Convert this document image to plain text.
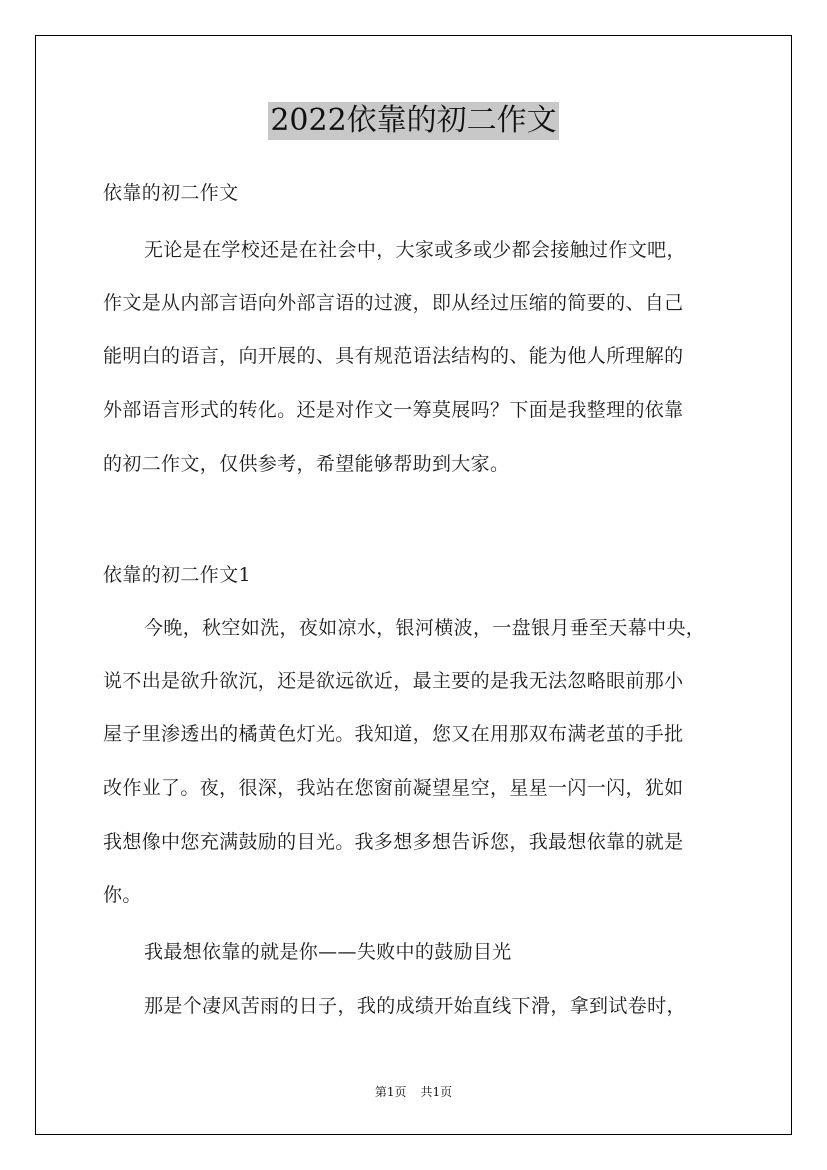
2022依靠的初二作文
依靠的初二作文
无论是在学校还是在社会中，大家或多或少都会接触过作文吧，
作文是从内部言语向外部言语的过渡，即从经过压缩的简要的、自己
能明白的语言，向开展的、具有规范语法结构的、能为他人所理解的
外部语言形式的转化。还是对作文一筹莫展吗？下面是我整理的依靠
的初二作文，仅供参考，希望能够帮助到大家。
依靠的初二作文1
今晚，秋空如洗，夜如凉水，银河横波，一盘银月垂至天幕中央，
说不出是欲升欲沉，还是欲远欲近，最主要的是我无法忽略眼前那小
屋子里渗透出的橘黄色灯光。我知道，您又在用那双布满老茧的手批
改作业了。夜，很深，我站在您窗前凝望星空，星星一闪一闪，犹如
我想像中您充满鼓励的目光。我多想多想告诉您，我最想依靠的就是
你。
我最想依靠的就是你——失败中的鼓励目光
那是个凄风苦雨的日子，我的成绩开始直线下滑，拿到试卷时，
第1页 共1页
